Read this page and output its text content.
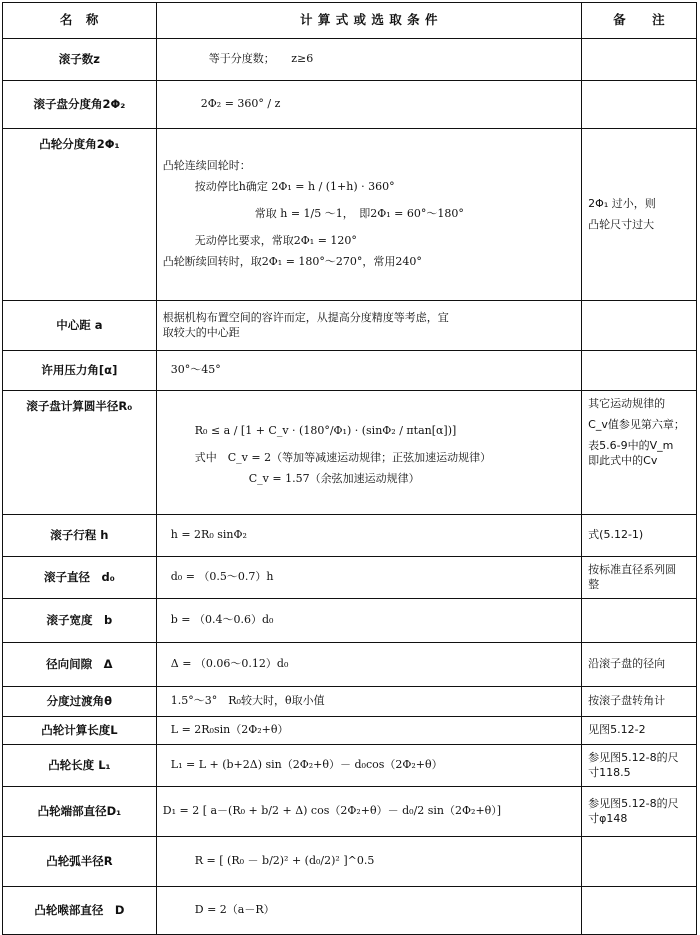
名　称	计 算 式 或 选 取 条 件	备　　注
滚子数z	等于分度数；　　z≥6	

滚子盘分度角2Φ₂	2Φ₂ = 360° / z	

凸轮分度角2Φ₁	凸轮连续回轮时：
按动停比h确定 2Φ₁ = h / (1+h) · 360°
常取 h = 1/5 ～1，　即2Φ₁ = 60°～180°
无动停比要求，常取2Φ₁ = 120°
凸轮断续回转时，取2Φ₁ = 180°～270°，常用240°	2Φ₁ 过小，则
凸轮尺寸过大

中心距 a	根据机构布置空间的容许而定，从提高分度精度等考虑，宜
取较大的中心距	

许用压力角[α]	30°～45°	
滚子盘计算圆半径R₀	R₀ ≤ a / [1 + C_v · (180°/Φ₁) · (sinΦ₂ / πtan[α])]
式中　C_v = 2（等加等减速运动规律；正弦加速运动规律）
C_v = 1.57（余弦加速运动规律）	其它运动规律的
C_v值参见第六章；
表5.6-9中的V_m
即此式中的Cv

滚子行程 h	h = 2R₀ sinΦ₂	式(5.12-1)
滚子直径　d₀	d₀ = （0.5～0.7）h	按标准直径系列圆
整

滚子宽度　b	b = （0.4～0.6）d₀	
径向间隙　Δ	Δ = （0.06～0.12）d₀	沿滚子盘的径向
分度过渡角θ	1.5°～3°　R₀较大时，θ取小值	按滚子盘转角计
凸轮计算长度L	L = 2R₀sin（2Φ₂+θ）	见图5.12-2
凸轮长度 L₁	L₁ = L + (b+2Δ) sin（2Φ₂+θ）－ d₀cos（2Φ₂+θ）	参见图5.12-8的尺
寸118.5

凸轮端部直径D₁	D₁ = 2 [ a－(R₀ + b/2 + Δ) cos（2Φ₂+θ）－ d₀/2 sin（2Φ₂+θ）]	参见图5.12-8的尺
寸φ148

凸轮弧半径R	R = [ (R₀ － b/2)² + (d₀/2)² ]^0.5	

凸轮喉部直径　D	D = 2（a－R）	
